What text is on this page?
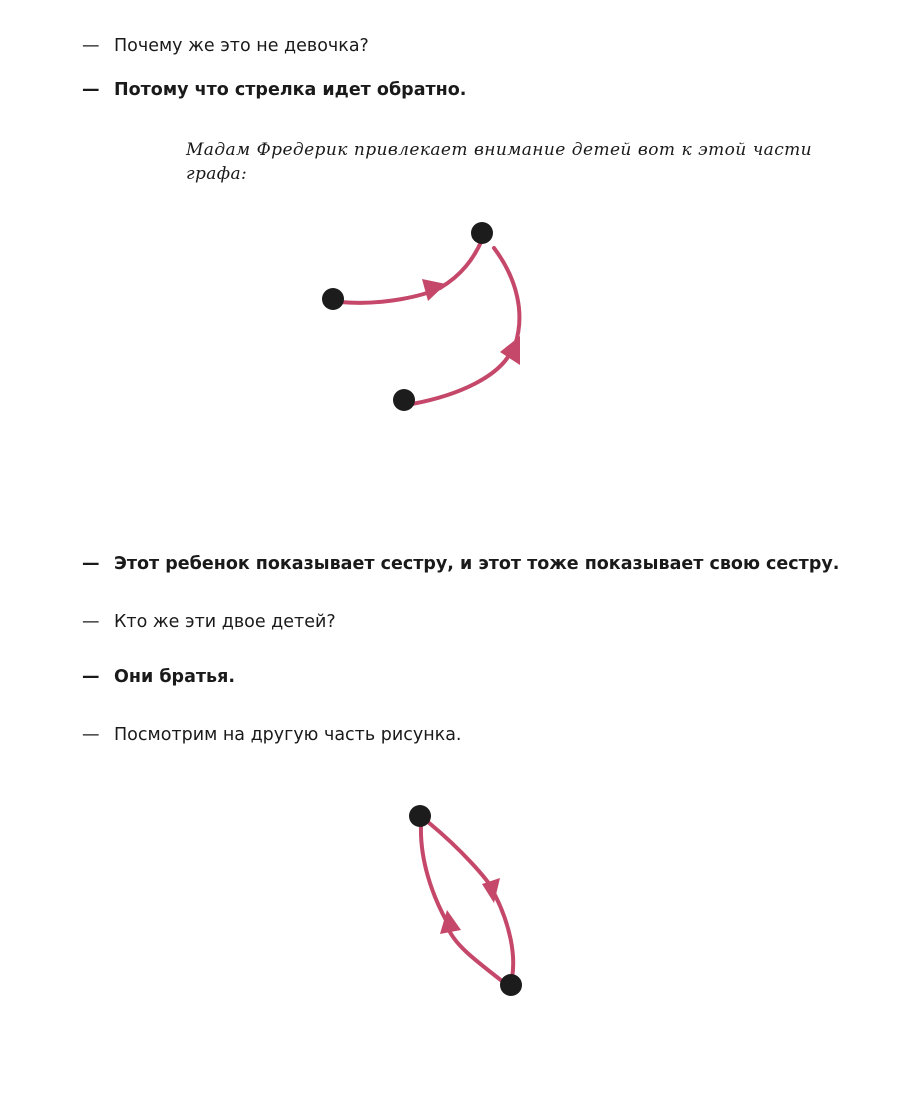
— Почему же это не девочка?
— Потому что стрелка идет обратно.
Мадам Фредерик привлекает внимание детей вот к этой части графа:
— Этот ребенок показывает сестру, и этот тоже показывает свою сестру.
— Кто же эти двое детей?
— Они братья.
— Посмотрим на другую часть рисунка.
